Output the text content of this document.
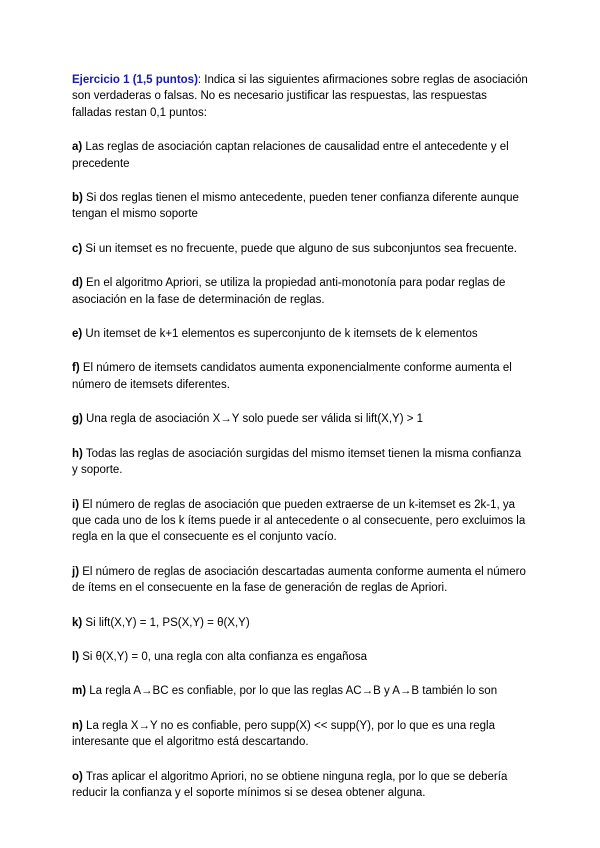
Ejercicio 1 (1,5 puntos): Indica si las siguientes afirmaciones sobre reglas de asociación son verdaderas o falsas. No es necesario justificar las respuestas, las respuestas falladas restan 0,1 puntos:

a) Las reglas de asociación captan relaciones de causalidad entre el antecedente y el precedente

b) Si dos reglas tienen el mismo antecedente, pueden tener confianza diferente aunque tengan el mismo soporte

c) Si un itemset es no frecuente, puede que alguno de sus subconjuntos sea frecuente.

d) En el algoritmo Apriori, se utiliza la propiedad anti-monotonía para podar reglas de asociación en la fase de determinación de reglas.

e) Un itemset de k+1 elementos es superconjunto de k itemsets de k elementos

f) El número de itemsets candidatos aumenta exponencialmente conforme aumenta el número de itemsets diferentes.

g) Una regla de asociación X→Y solo puede ser válida si lift(X,Y) > 1

h) Todas las reglas de asociación surgidas del mismo itemset tienen la misma confianza y soporte.

i) El número de reglas de asociación que pueden extraerse de un k-itemset es 2k-1, ya que cada uno de los k ítems puede ir al antecedente o al consecuente, pero excluimos la regla en la que el consecuente es el conjunto vacío.

j) El número de reglas de asociación descartadas aumenta conforme aumenta el número de ítems en el consecuente en la fase de generación de reglas de Apriori.

k) Si lift(X,Y) = 1, PS(X,Y) = θ(X,Y)

l) Si θ(X,Y) = 0, una regla con alta confianza es engañosa

m) La regla A→BC es confiable, por lo que las reglas AC→B y A→B también lo son

n) La regla X→Y no es confiable, pero supp(X) << supp(Y), por lo que es una regla interesante que el algoritmo está descartando.

o) Tras aplicar el algoritmo Apriori, no se obtiene ninguna regla, por lo que se debería reducir la confianza y el soporte mínimos si se desea obtener alguna.
